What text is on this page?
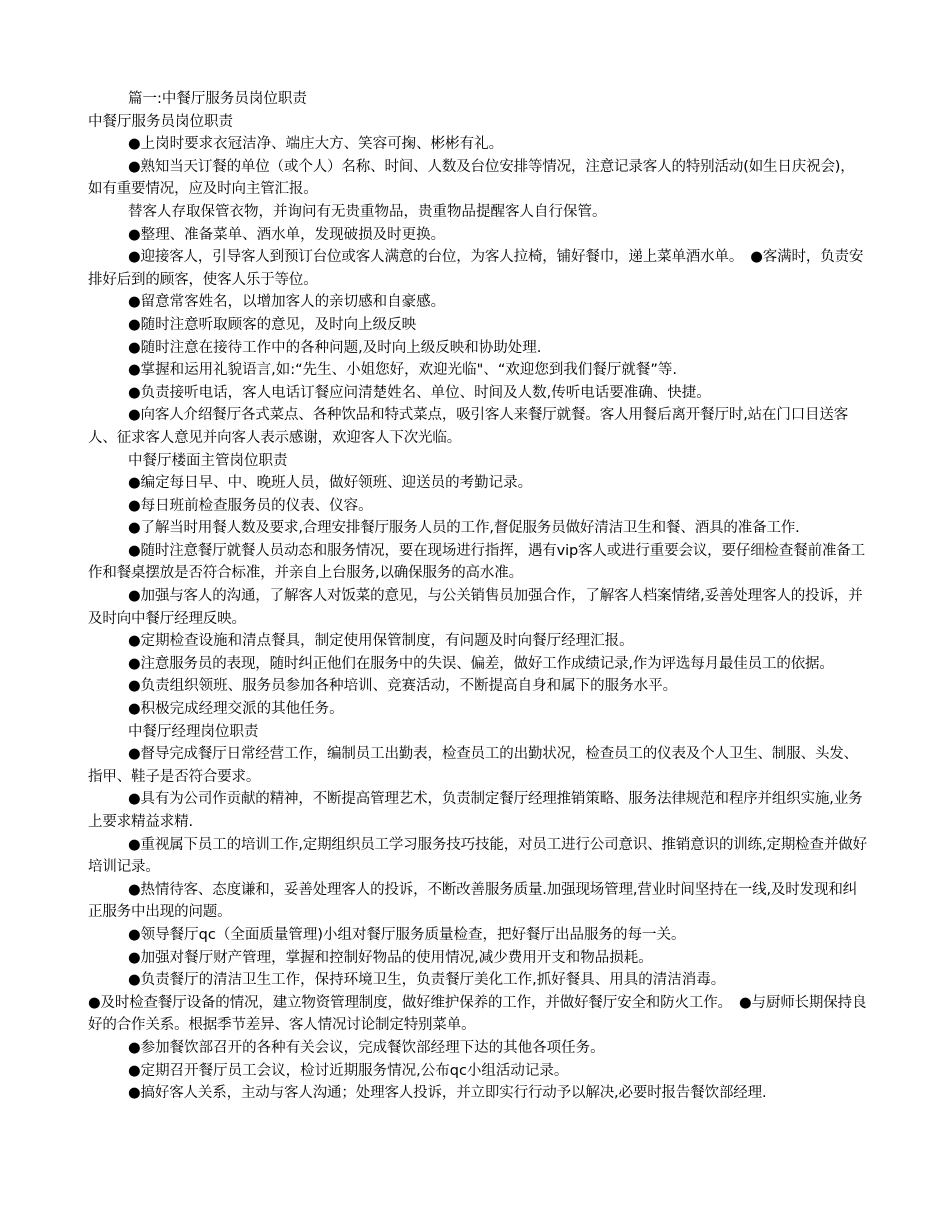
篇一:中餐厅服务员岗位职责

中餐厅服务员岗位职责

●上岗时要求衣冠洁净、端庄大方、笑容可掬、彬彬有礼。

●熟知当天订餐的单位（或个人）名称、时间、人数及台位安排等情况，注意记录客人的特别活动(如生日庆祝会)，如有重要情况，应及时向主管汇报。

替客人存取保管衣物，并询问有无贵重物品，贵重物品提醒客人自行保管。

●整理、准备菜单、酒水单，发现破损及时更换。

●迎接客人，引导客人到预订台位或客人满意的台位，为客人拉椅，铺好餐巾，递上菜单酒水单。　●客满时，负责安排好后到的顾客，使客人乐于等位。

●留意常客姓名，以增加客人的亲切感和自豪感。

●随时注意听取顾客的意见，及时向上级反映

●随时注意在接待工作中的各种问题,及时向上级反映和协助处理.

●掌握和运用礼貌语言,如:“先生、小姐您好，欢迎光临"、“欢迎您到我们餐厅就餐”等.

●负责接听电话，客人电话订餐应问清楚姓名、单位、时间及人数,传听电话要准确、快捷。

●向客人介绍餐厅各式菜点、各种饮品和特式菜点，吸引客人来餐厅就餐。客人用餐后离开餐厅时,站在门口目送客人、征求客人意见并向客人表示感谢，欢迎客人下次光临。

中餐厅楼面主管岗位职责

●编定每日早、中、晚班人员，做好领班、迎送员的考勤记录。

●每日班前检查服务员的仪表、仪容。

●了解当时用餐人数及要求,合理安排餐厅服务人员的工作,督促服务员做好清洁卫生和餐、酒具的准备工作.

●随时注意餐厅就餐人员动态和服务情况，要在现场进行指挥，遇有vip客人或进行重要会议，要仔细检查餐前准备工作和餐桌摆放是否符合标准，并亲自上台服务,以确保服务的高水准。

●加强与客人的沟通，了解客人对饭菜的意见，与公关销售员加强合作，了解客人档案情绪,妥善处理客人的投诉，并及时向中餐厅经理反映。

●定期检查设施和清点餐具，制定使用保管制度，有问题及时向餐厅经理汇报。

●注意服务员的表现，随时纠正他们在服务中的失误、偏差，做好工作成绩记录,作为评选每月最佳员工的依据。

●负责组织领班、服务员参加各种培训、竞赛活动，不断提高自身和属下的服务水平。

●积极完成经理交派的其他任务。

中餐厅经理岗位职责

●督导完成餐厅日常经营工作，编制员工出勤表，检查员工的出勤状况，检查员工的仪表及个人卫生、制服、头发、指甲、鞋子是否符合要求。

●具有为公司作贡献的精神，不断提高管理艺术，负责制定餐厅经理推销策略、服务法律规范和程序并组织实施,业务上要求精益求精.

●重视属下员工的培训工作,定期组织员工学习服务技巧技能，对员工进行公司意识、推销意识的训练,定期检查并做好培训记录。

●热情待客、态度谦和，妥善处理客人的投诉，不断改善服务质量.加强现场管理,营业时间坚持在一线,及时发现和纠正服务中出现的问题。

●领导餐厅qc（全面质量管理)小组对餐厅服务质量检查，把好餐厅出品服务的每一关。

●加强对餐厅财产管理，掌握和控制好物品的使用情况,减少费用开支和物品损耗。

●负责餐厅的清洁卫生工作，保持环境卫生，负责餐厅美化工作,抓好餐具、用具的清洁消毒。

●及时检查餐厅设备的情况，建立物资管理制度，做好维护保养的工作，并做好餐厅安全和防火工作。　●与厨师长期保持良好的合作关系。根据季节差异、客人情况讨论制定特别菜单。

●参加餐饮部召开的各种有关会议，完成餐饮部经理下达的其他各项任务。

●定期召开餐厅员工会议，检讨近期服务情况,公布qc小组活动记录。

●搞好客人关系，主动与客人沟通；处理客人投诉，并立即实行行动予以解决,必要时报告餐饮部经理.
